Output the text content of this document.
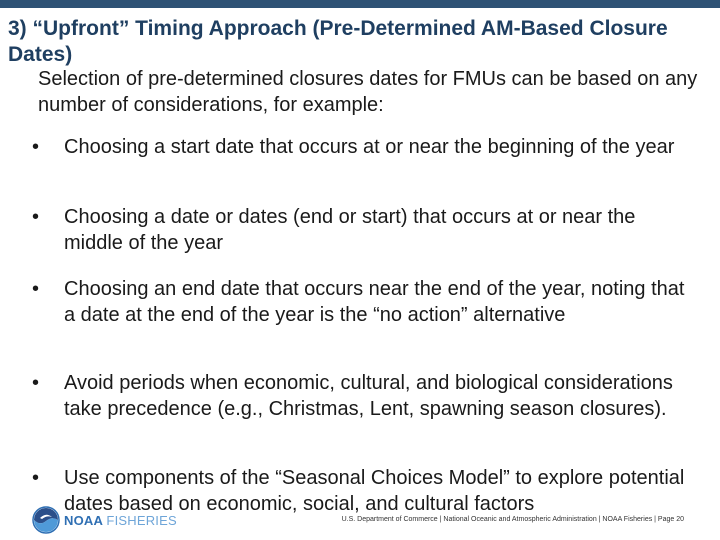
3) “Upfront” Timing Approach (Pre-Determined AM-Based Closure Dates)

Selection of pre-determined closures dates for FMUs can be based on any number of considerations, for example:

• Choosing a start date that occurs at or near the beginning of the year
• Choosing a date or dates (end or start) that occurs at or near the middle of the year
• Choosing an end date that occurs near the end of the year, noting that a date at the end of the year is the “no action” alternative
• Avoid periods when economic, cultural, and biological considerations take precedence (e.g., Christmas, Lent, spawning season closures).
• Use components of the “Seasonal Choices Model” to explore potential dates based on economic, social, and cultural factors
NOAA FISHERIES	U.S. Department of Commerce | National Oceanic and Atmospheric Administration | NOAA Fisheries | Page 20
